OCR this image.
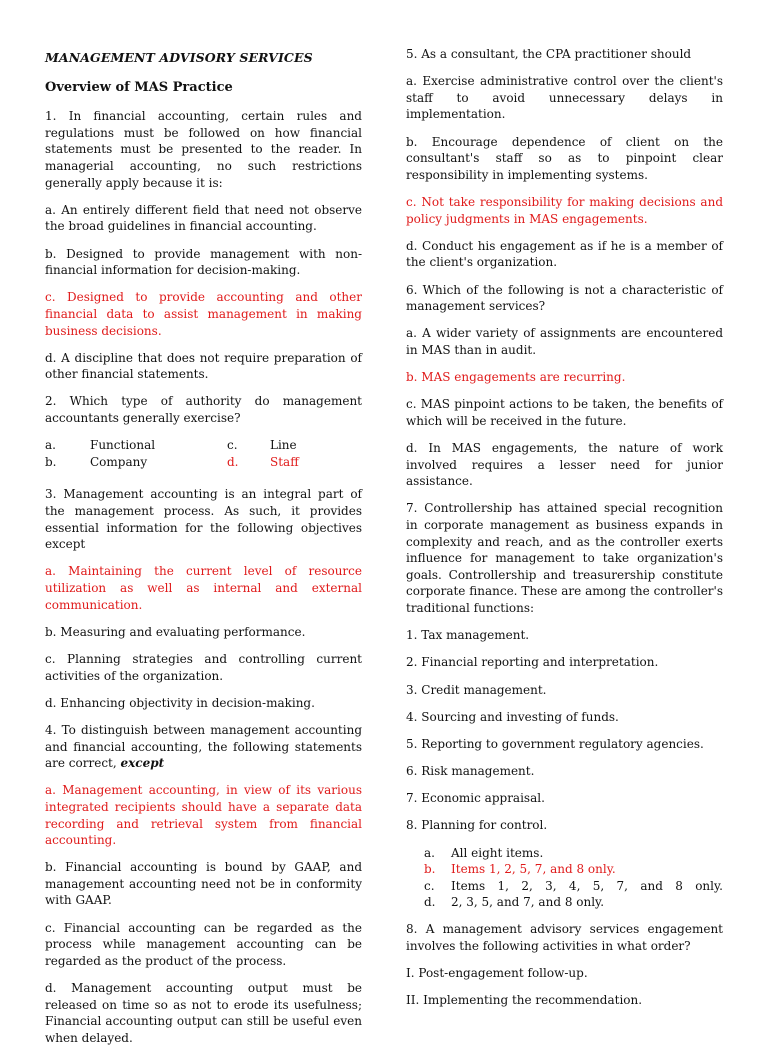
MANAGEMENT ADVISORY SERVICES
Overview of MAS Practice

1. In financial accounting, certain rules and regulations must be followed on how financial statements must be presented to the reader. In managerial accounting, no such restrictions generally apply because it is:

a. An entirely different field that need not observe the broad guidelines in financial accounting.

b. Designed to provide management with non-financial information for decision-making.

c. Designed to provide accounting and other financial data to assist management in making business decisions.

d. A discipline that does not require preparation of other financial statements.

2. Which type of authority do management accountants generally exercise?

a.	Functional	c.	Line
b.	Company	d.	Staff

3. Management accounting is an integral part of the management process. As such, it provides essential information for the following objectives except

a. Maintaining the current level of resource utilization as well as internal and external communication.

b. Measuring and evaluating performance.

c. Planning strategies and controlling current activities of the organization.

d. Enhancing objectivity in decision-making.

4. To distinguish between management accounting and financial accounting, the following statements are correct, except

a. Management accounting, in view of its various integrated recipients should have a separate data recording and retrieval system from financial accounting.

b. Financial accounting is bound by GAAP, and management accounting need not be in conformity with GAAP.

c. Financial accounting can be regarded as the process while management accounting can be regarded as the product of the process.

d. Management accounting output must be released on time so as not to erode its usefulness; Financial accounting output can still be useful even when delayed.

5. As a consultant, the CPA practitioner should

a. Exercise administrative control over the client's staff to avoid unnecessary delays in implementation.

b. Encourage dependence of client on the consultant's staff so as to pinpoint clear responsibility in implementing systems.

c. Not take responsibility for making decisions and policy judgments in MAS engagements.

d. Conduct his engagement as if he is a member of the client's organization.

6. Which of the following is not a characteristic of management services?

a. A wider variety of assignments are encountered in MAS than in audit.

b. MAS engagements are recurring.

c. MAS pinpoint actions to be taken, the benefits of which will be received in the future.

d. In MAS engagements, the nature of work involved requires a lesser need for junior assistance.

7. Controllership has attained special recognition in corporate management as business expands in complexity and reach, and as the controller exerts influence for management to take organization's goals. Controllership and treasurership constitute corporate finance. These are among the controller's traditional functions:

1. Tax management.

2. Financial reporting and interpretation.

3. Credit management.

4. Sourcing and investing of funds.

5. Reporting to government regulatory agencies.

6. Risk management.

7. Economic appraisal.

8. Planning for control.

a.	All eight items.
b.	Items 1, 2, 5, 7, and 8 only.
c.	Items 1, 2, 3, 4, 5, 7, and 8 only.
d.	2, 3, 5, and 7, and 8 only.

8. A management advisory services engagement involves the following activities in what order?

I. Post-engagement follow-up.

II. Implementing the recommendation.
